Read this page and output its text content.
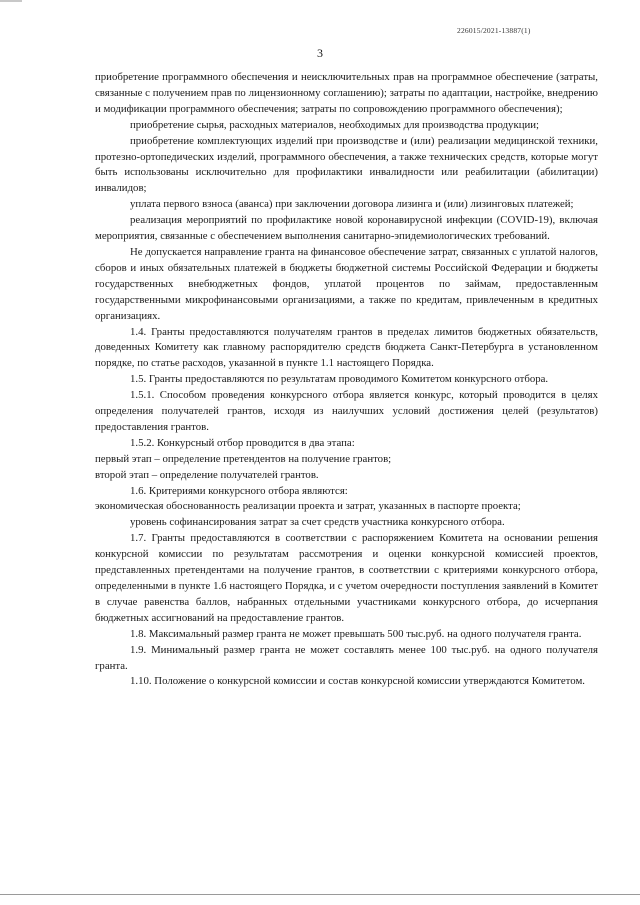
226015/2021-13887(1)
3

приобретение программного обеспечения и неисключительных прав на программное обеспечение (затраты, связанные с получением прав по лицензионному соглашению); затраты по адаптации, настройке, внедрению и модификации программного обеспечения; затраты по сопровождению программного обеспечения);

приобретение сырья, расходных материалов, необходимых для производства продукции;

приобретение комплектующих изделий при производстве и (или) реализации медицинской техники, протезно-ортопедических изделий, программного обеспечения, а также технических средств, которые могут быть использованы исключительно для профилактики инвалидности или реабилитации (абилитации) инвалидов;

уплата первого взноса (аванса) при заключении договора лизинга и (или) лизинговых платежей;

реализация мероприятий по профилактике новой коронавирусной инфекции (COVID-19), включая мероприятия, связанные с обеспечением выполнения санитарно-эпидемиологических требований.

Не допускается направление гранта на финансовое обеспечение затрат, связанных с уплатой налогов, сборов и иных обязательных платежей в бюджеты бюджетной системы Российской Федерации и бюджеты государственных внебюджетных фондов, уплатой процентов по займам, предоставленным государственными микрофинансовыми организациями, а также по кредитам, привлеченным в кредитных организациях.

1.4. Гранты предоставляются получателям грантов в пределах лимитов бюджетных обязательств, доведенных Комитету как главному распорядителю средств бюджета Санкт-Петербурга в установленном порядке, по статье расходов, указанной в пункте 1.1 настоящего Порядка.

1.5. Гранты предоставляются по результатам проводимого Комитетом конкурсного отбора.

1.5.1. Способом проведения конкурсного отбора является конкурс, который проводится в целях определения получателей грантов, исходя из наилучших условий достижения целей (результатов) предоставления грантов.

1.5.2. Конкурсный отбор проводится в два этапа:

первый этап – определение претендентов на получение грантов;

второй этап – определение получателей грантов.

1.6. Критериями конкурсного отбора являются:

экономическая обоснованность реализации проекта и затрат, указанных в паспорте проекта;

уровень софинансирования затрат за счет средств участника конкурсного отбора.

1.7. Гранты предоставляются в соответствии с распоряжением Комитета на основании решения конкурсной комиссии по результатам рассмотрения и оценки конкурсной комиссией проектов, представленных претендентами на получение грантов, в соответствии с критериями конкурсного отбора, определенными в пункте 1.6 настоящего Порядка, и с учетом очередности поступления заявлений в Комитет в случае равенства баллов, набранных отдельными участниками конкурсного отбора, до исчерпания бюджетных ассигнований на предоставление грантов.

1.8. Максимальный размер гранта не может превышать 500 тыс.руб. на одного получателя гранта.

1.9. Минимальный размер гранта не может составлять менее 100 тыс.руб. на одного получателя гранта.

1.10. Положение о конкурсной комиссии и состав конкурсной комиссии утверждаются Комитетом.
